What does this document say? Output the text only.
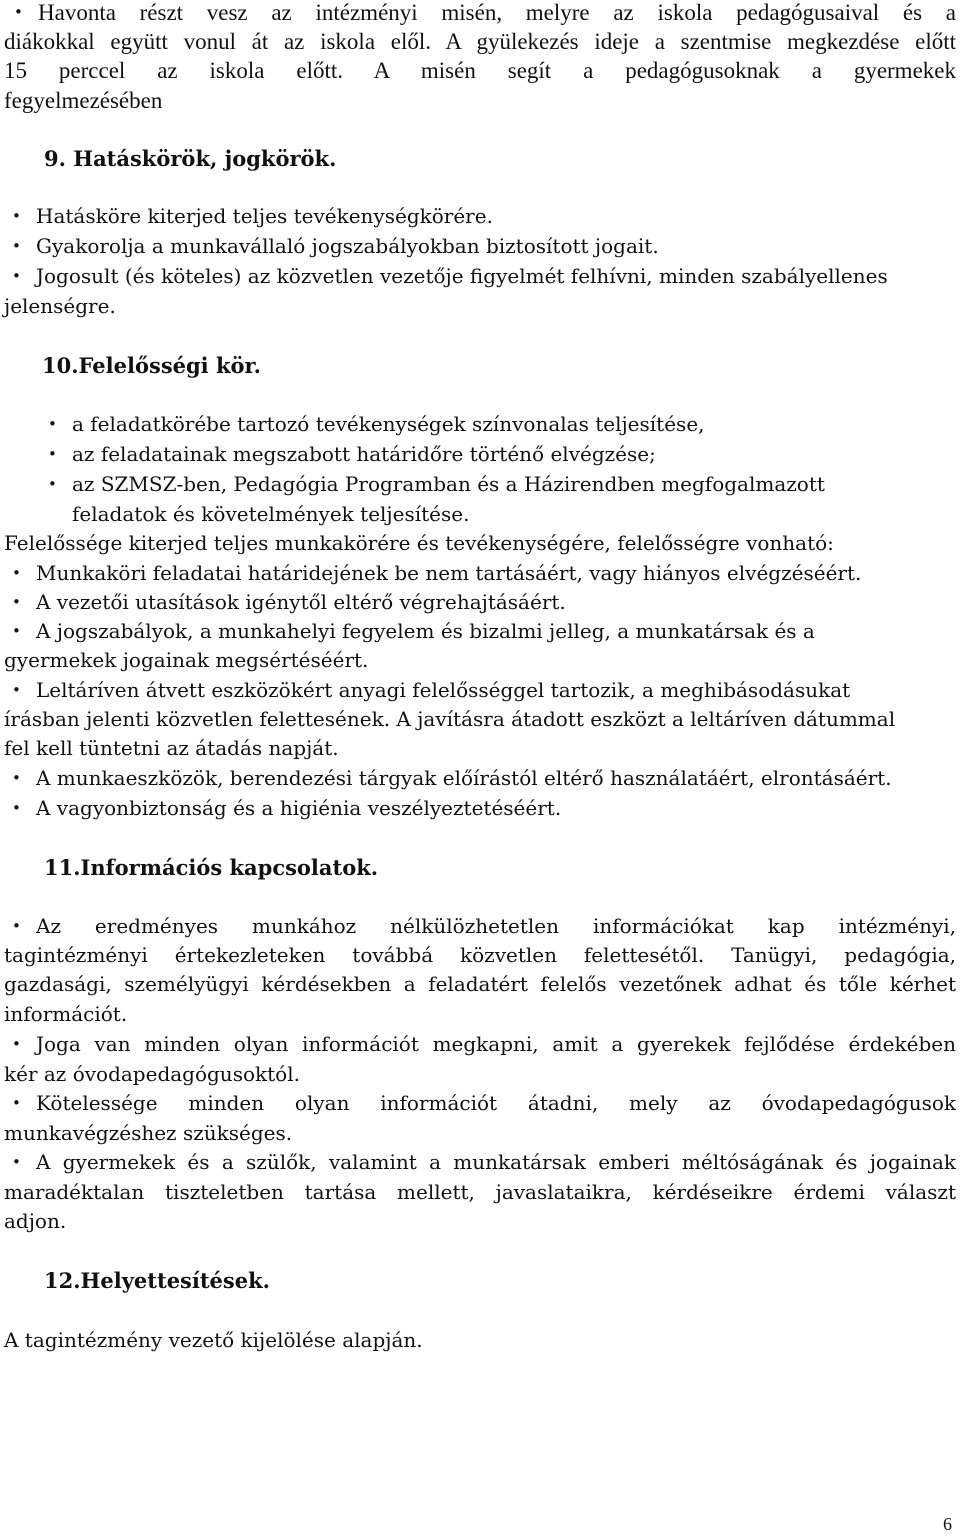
Havonta részt vesz az intézményi misén, melyre az iskola pedagógusaival és a
diákokkal együtt vonul át az iskola elől. A gyülekezés ideje a szentmise megkezdése előtt
15 perccel az iskola előtt. A misén segít a pedagógusoknak a gyermekek
fegyelmezésében
9. Hatáskörök, jogkörök.
• Hatásköre kiterjed teljes tevékenységkörére.
• Gyakorolja a munkavállaló jogszabályokban biztosított jogait.
• Jogosult (és köteles) az közvetlen vezetője figyelmét felhívni, minden szabályellenes
jelenségre.
10.Felelősségi kör.
• a feladatkörébe tartozó tevékenységek színvonalas teljesítése,
• az feladatainak megszabott határidőre történő elvégzése;
• az SZMSZ-ben, Pedagógia Programban és a Házirendben megfogalmazott
feladatok és követelmények teljesítése.
Felelőssége kiterjed teljes munkakörére és tevékenységére, felelősségre vonható:
• Munkaköri feladatai határidejének be nem tartásáért, vagy hiányos elvégzéséért.
• A vezetői utasítások igénytől eltérő végrehajtásáért.
• A jogszabályok, a munkahelyi fegyelem és bizalmi jelleg, a munkatársak és a
gyermekek jogainak megsértéséért.
• Leltáríven átvett eszközökért anyagi felelősséggel tartozik, a meghibásodásukat
írásban jelenti közvetlen felettesének. A javításra átadott eszközt a leltáríven dátummal
fel kell tüntetni az átadás napját.
• A munkaeszközök, berendezési tárgyak előírástól eltérő használatáért, elrontásáért.
• A vagyonbiztonság és a higiénia veszélyeztetéséért.
11.Információs kapcsolatok.
Az eredményes munkához nélkülözhetetlen információkat kap intézményi,
tagintézményi értekezleteken továbbá közvetlen felettesétől. Tanügyi, pedagógia,
gazdasági, személyügyi kérdésekben a feladatért felelős vezetőnek adhat és tőle kérhet
információt.
Joga van minden olyan információt megkapni, amit a gyerekek fejlődése érdekében
kér az óvodapedagógusoktól.
Kötelessége minden olyan információt átadni, mely az óvodapedagógusok
munkavégzéshez szükséges.
A gyermekek és a szülők, valamint a munkatársak emberi méltóságának és jogainak
maradéktalan tiszteletben tartása mellett, javaslataikra, kérdéseikre érdemi választ
adjon.
12.Helyettesítések.
A tagintézmény vezető kijelölése alapján.
6
